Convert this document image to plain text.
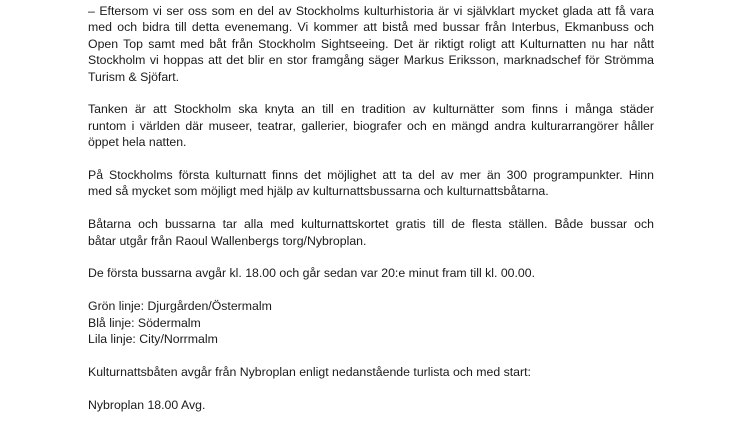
– Eftersom vi ser oss som en del av Stockholms kulturhistoria är vi självklart mycket glada att få vara
med och bidra till detta evenemang. Vi kommer att bistå med bussar från Interbus, Ekmanbuss och
Open Top samt med båt från Stockholm Sightseeing. Det är riktigt roligt att Kulturnatten nu har nått
Stockholm vi hoppas att det blir en stor framgång säger Markus Eriksson, marknadschef för Strömma
Turism & Sjöfart.
Tanken är att Stockholm ska knyta an till en tradition av kulturnätter som finns i många städer
runtom i världen där museer, teatrar, gallerier, biografer och en mängd andra kulturarrangörer håller
öppet hela natten.
På Stockholms första kulturnatt finns det möjlighet att ta del av mer än 300 programpunkter. Hinn
med så mycket som möjligt med hjälp av kulturnattsbussarna och kulturnattsbåtarna.
Båtarna och bussarna tar alla med kulturnattskortet gratis till de flesta ställen. Både bussar och
båtar utgår från Raoul Wallenbergs torg/Nybroplan.
De första bussarna avgår kl. 18.00 och går sedan var 20:e minut fram till kl. 00.00.
Grön linje: Djurgården/Östermalm
Blå linje: Södermalm
Lila linje: City/Norrmalm
Kulturnattsbåten avgår från Nybroplan enligt nedanstående turlista och med start:
Nybroplan 18.00 Avg.
